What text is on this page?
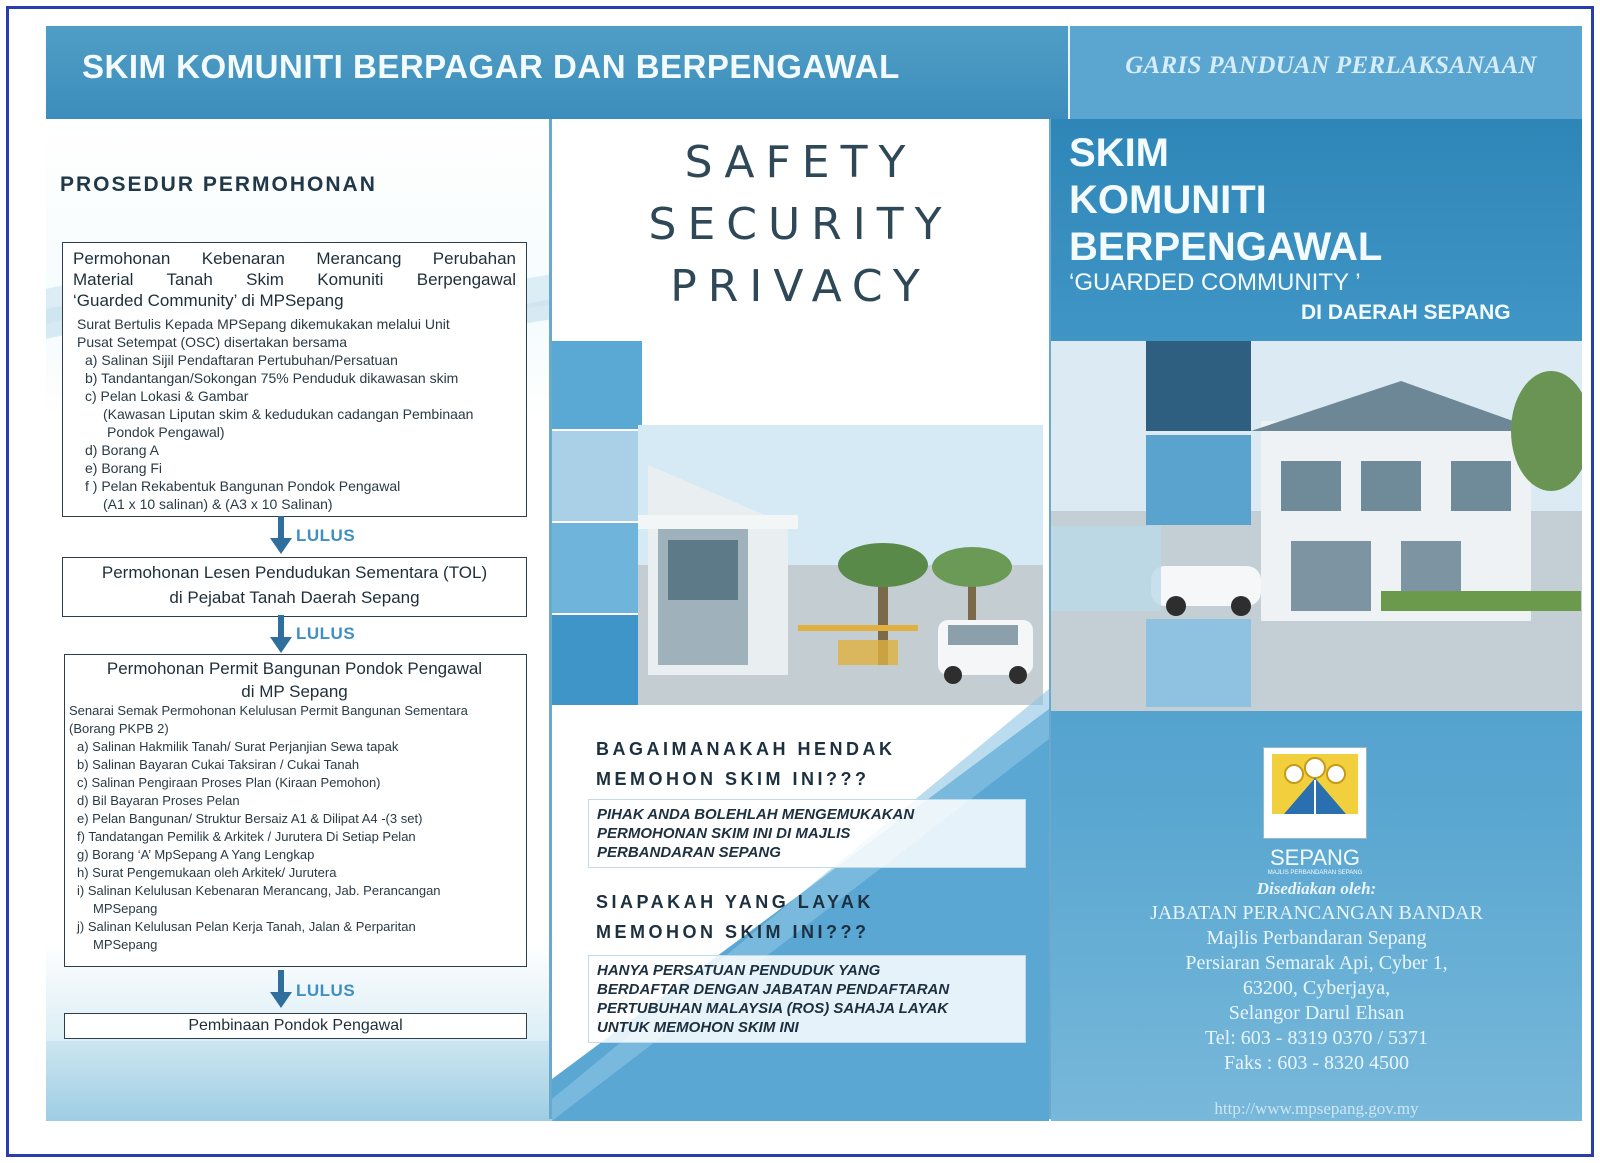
SKIM KOMUNITI BERPAGAR DAN BERPENGAWAL	GARIS PANDUAN PERLAKSANAAN
PROSEDUR PERMOHONAN
Permohonan Kebenaran Merancang Perubahan
Material Tanah Skim Komuniti Berpengawal
‘Guarded Community’ di MPSepang
Surat Bertulis Kepada MPSepang dikemukakan melalui Unit
Pusat Setempat (OSC) disertakan bersama
a) Salinan Sijil Pendaftaran Pertubuhan/Persatuan
b) Tandantangan/Sokongan 75% Penduduk dikawasan skim
c) Pelan Lokasi & Gambar
(Kawasan Liputan skim & kedudukan cadangan Pembinaan
Pondok Pengawal)
d) Borang A
e) Borang Fi
f ) Pelan Rekabentuk Bangunan Pondok Pengawal
(A1 x 10 salinan) & (A3 x 10 Salinan)
LULUS
Permohonan Lesen Pendudukan Sementara (TOL)
di Pejabat Tanah Daerah Sepang
LULUS
Permohonan Permit Bangunan Pondok Pengawal
di MP Sepang
Senarai Semak Permohonan Kelulusan Permit Bangunan Sementara
(Borang PKPB 2)
a) Salinan Hakmilik Tanah/ Surat Perjanjian Sewa tapak
b) Salinan Bayaran Cukai Taksiran / Cukai Tanah
c) Salinan Pengiraan Proses Plan (Kiraan Pemohon)
d) Bil Bayaran Proses Pelan
e) Pelan Bangunan/ Struktur Bersaiz A1 & Dilipat A4 -(3 set)
f) Tandatangan Pemilik & Arkitek / Jurutera Di Setiap Pelan
g) Borang ‘A’ MpSepang A Yang Lengkap
h) Surat Pengemukaan oleh Arkitek/ Jurutera
i) Salinan Kelulusan Kebenaran Merancang, Jab. Perancangan
MPSepang
j) Salinan Kelulusan Pelan Kerja Tanah, Jalan & Perparitan
MPSepang
LULUS
Pembinaan Pondok Pengawal
SAFETY
SECURITY
PRIVACY
BAGAIMANAKAH HENDAK
MEMOHON SKIM INI???
PIHAK ANDA BOLEHLAH MENGEMUKAKAN
PERMOHONAN SKIM INI DI MAJLIS
PERBANDARAN SEPANG
SIAPAKAH YANG LAYAK
MEMOHON SKIM INI???
HANYA PERSATUAN PENDUDUK YANG
BERDAFTAR DENGAN JABATAN PENDAFTARAN
PERTUBUHAN MALAYSIA (ROS) SAHAJA LAYAK
UNTUK MEMOHON SKIM INI
SKIM
KOMUNITI
BERPENGAWAL
‘GUARDED COMMUNITY ’
DI DAERAH SEPANG
SEPANG
MAJLIS PERBANDARAN SEPANG
Disediakan oleh:
JABATAN PERANCANGAN BANDAR
Majlis Perbandaran Sepang
Persiaran Semarak Api, Cyber 1,
63200, Cyberjaya,
Selangor Darul Ehsan
Tel: 603 - 8319 0370 / 5371
Faks : 603 - 8320 4500
http://www.mpsepang.gov.my
